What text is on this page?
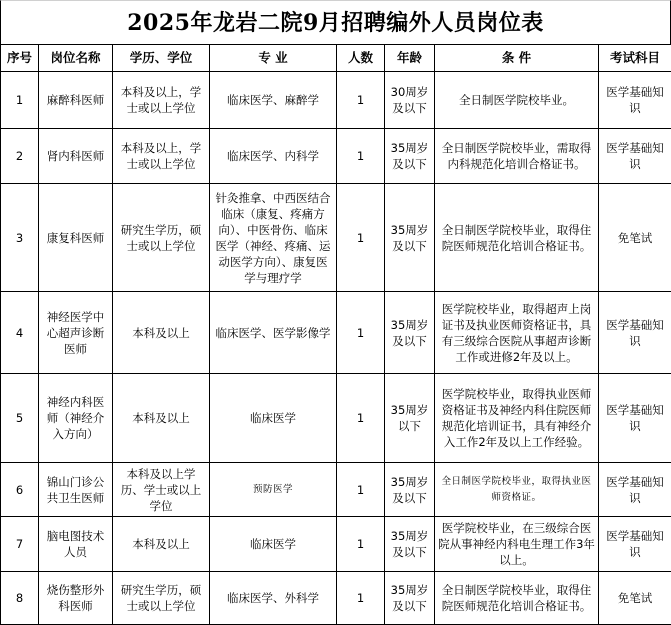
2025年龙岩二院9月招聘编外人员岗位表
序号	岗位名称	学历、学位	专 业	人数	年龄	条 件	考试科目
1	麻醉科医师	本科及以上，学士或以上学位	临床医学、麻醉学	1	30周岁及以下	全日制医学院校毕业。	医学基础知识
2	肾内科医师	本科及以上，学士或以上学位	临床医学、内科学	1	35周岁及以下	全日制医学院校毕业，需取得内科规范化培训合格证书。	医学基础知识
3	康复科医师	研究生学历，硕士或以上学位	针灸推拿、中西医结合临床（康复、疼痛方向）、中医骨伤、临床医学（神经、疼痛、运动医学方向）、康复医学与理疗学	1	35周岁及以下	全日制医学院校毕业，取得住院医师规范化培训合格证书。	免笔试
4	神经医学中心超声诊断医师	本科及以上	临床医学、医学影像学	1	35周岁及以下	医学院校毕业，取得超声上岗证书及执业医师资格证书，具有三级综合医院从事超声诊断工作或进修2年及以上。	医学基础知识
5	神经内科医师（神经介入方向）	本科及以上	临床医学	1	35周岁以下	医学院校毕业，取得执业医师资格证书及神经内科住院医师规范化培训证书，具有神经介入工作2年及以上工作经验。	医学基础知识
6	锦山门诊公共卫生医师	本科及以上学历、学士或以上学位	预防医学	1	35周岁及以下	全日制医学院校毕业，取得执业医师资格证。	医学基础知识
7	脑电图技术人员	本科及以上	临床医学	1	35周岁及以下	医学院校毕业，在三级综合医院从事神经内科电生理工作3年以上。	医学基础知识
8	烧伤整形外科医师	研究生学历，硕士或以上学位	临床医学、外科学	1	35周岁及以下	全日制医学院校毕业，取得住院医师规范化培训合格证书。	免笔试
